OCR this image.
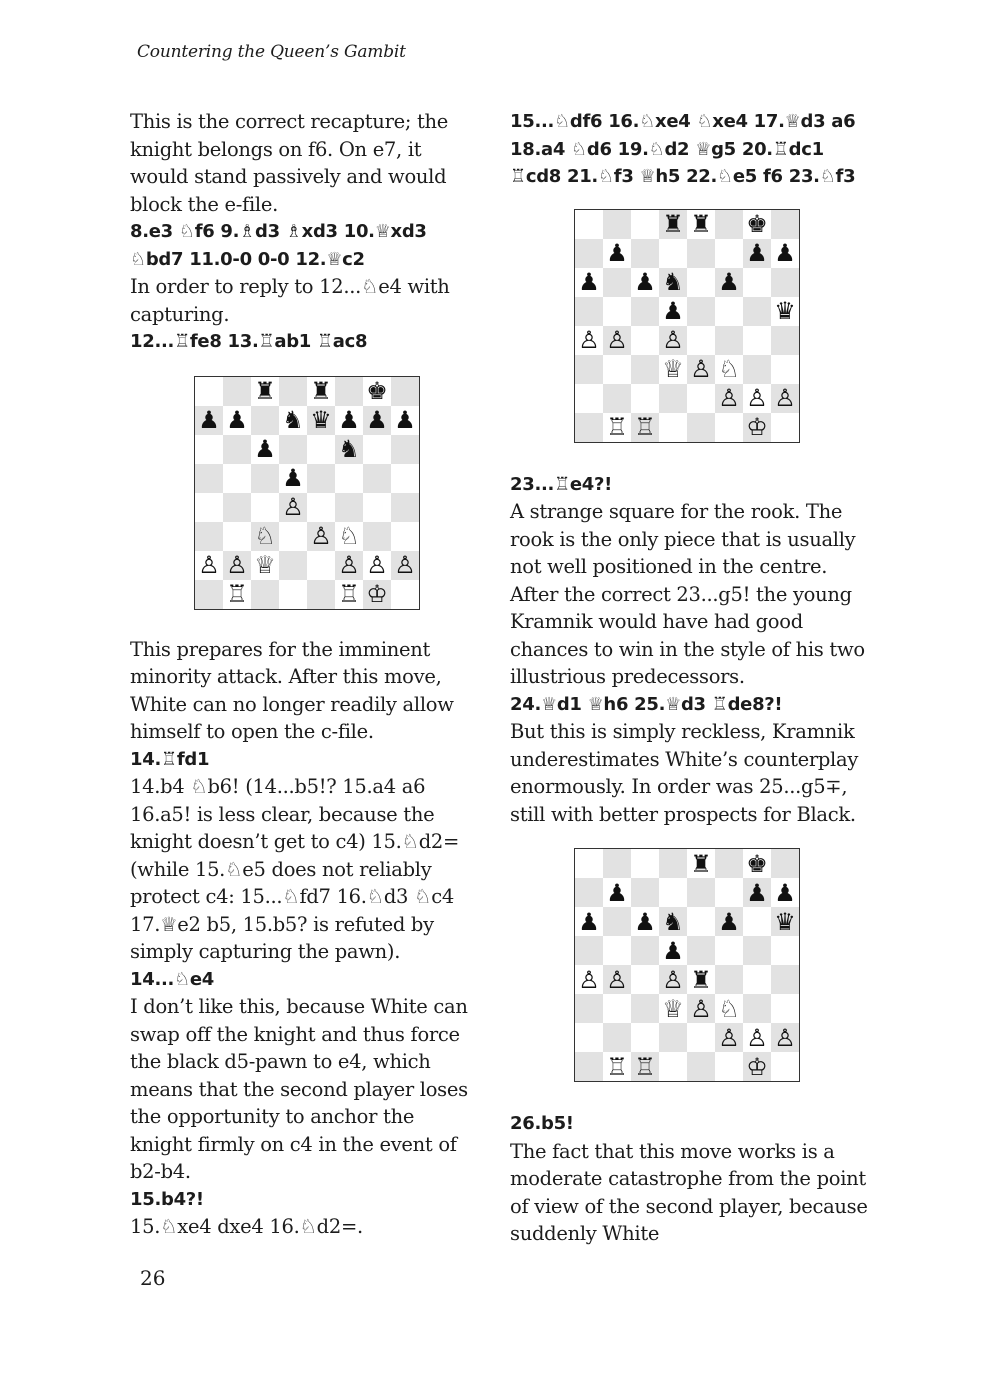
Countering the Queen’s Gambit

This is the correct recapture; the knight belongs on f6. On e7, it would stand passively and would block the e-file.

8.e3 ♘f6 9.♗d3 ♗xd3 10.♕xd3 ♘bd7 11.0-0 0-0 12.♕c2

In order to reply to 12...♘e4 with capturing.

12...♖fe8 13.♖ab1 ♖ac8

♜ ♜ ♚
♟ ♟ ♞ ♛ ♟ ♟ ♟
♟	♞
♟
♙
♘ ♙ ♘
♙ ♙ ♕	♙ ♙ ♙
♖	♖ ♔

This prepares for the imminent minority attack. After this move, White can no longer readily allow himself to open the c-file.

14.♖fd1

14.b4 ♘b6! (14...b5!? 15.a4 a6 16.a5! is less clear, because the knight doesn’t get to c4) 15.♘d2= (while 15.♘e5 does not reliably protect c4: 15...♘fd7 16.♘d3 ♘c4 17.♕e2 b5, 15.b5? is refuted by simply capturing the pawn).

14...♘e4

I don’t like this, because White can swap off the knight and thus force the black d5-pawn to e4, which means that the second player loses the opportunity to anchor the knight firmly on c4 in the event of b2-b4.

15.b4?!

15.♘xe4 dxe4 16.♘d2=.

15...♘df6 16.♘xe4 ♘xe4 17.♕d3 a6 18.a4 ♘d6 19.♘d2 ♕g5 20.♖dc1 ♖cd8 21.♘f3 ♕h5 22.♘e5 f6 23.♘f3

♜ ♜ ♚
♟	♟ ♟
♟ ♟ ♞ ♟
♟	♛
♙ ♙ ♙
♕ ♙ ♘
♙ ♙ ♙
♖ ♖	♔

23...♖e4?!

A strange square for the rook. The rook is the only piece that is usually not well positioned in the centre. After the correct 23...g5! the young Kramnik would have had good chances to win in the style of his two illustrious predecessors.

24.♕d1 ♕h6 25.♕d3 ♖de8?!

But this is simply reckless, Kramnik underestimates White’s counterplay enormously. In order was 25...g5∓, still with better prospects for Black.

♜ ♚
♟	♟ ♟
♟ ♟ ♞ ♟ ♛
♟
♙ ♙ ♙ ♜
♕ ♙ ♘
♙ ♙ ♙
♖ ♖	♔

26.b5!

The fact that this move works is a moderate catastrophe from the point of view of the second player, because suddenly White

26
